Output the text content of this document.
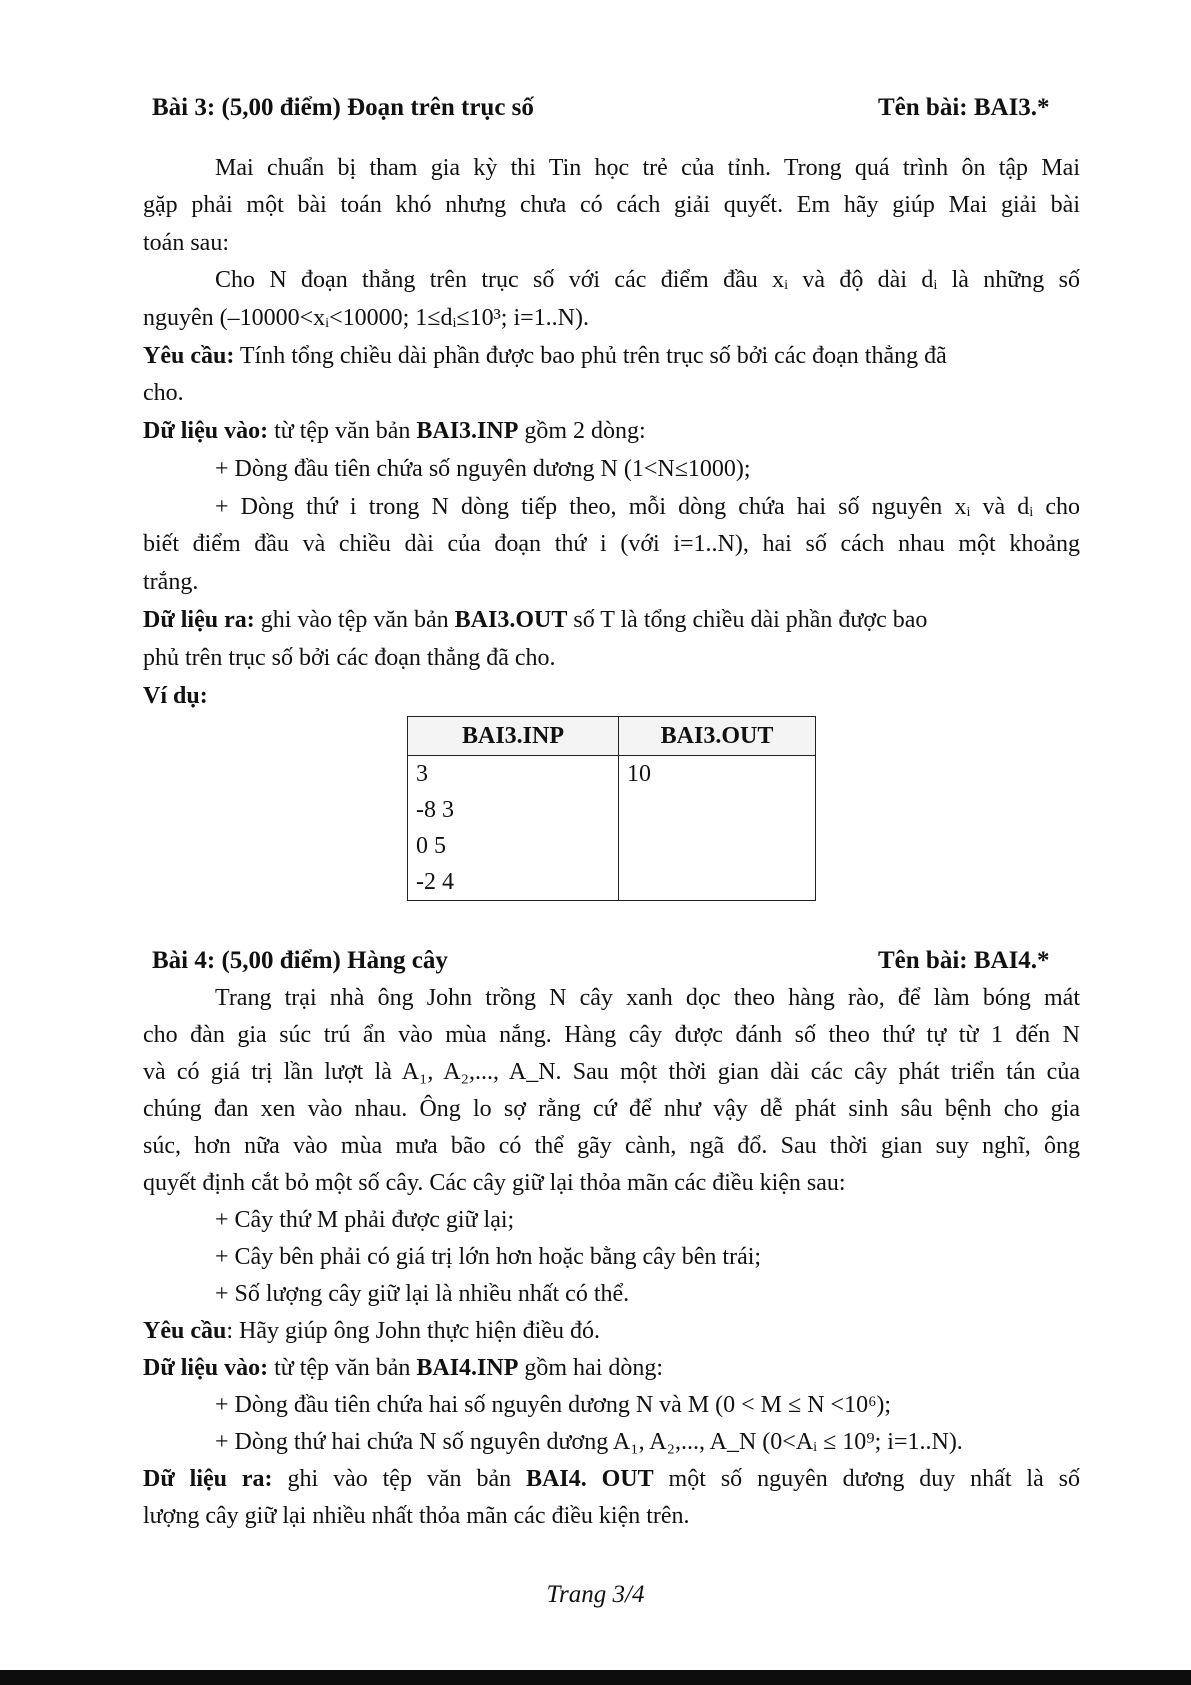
Bài 3: (5,00 điểm) Đoạn trên trục số	Tên bài: BAI3.*
Mai chuẩn bị tham gia kỳ thi Tin học trẻ của tỉnh. Trong quá trình ôn tập Mai
gặp phải một bài toán khó nhưng chưa có cách giải quyết. Em hãy giúp Mai giải bài
toán sau:
Cho N đoạn thẳng trên trục số với các điểm đầu xᵢ và độ dài dᵢ là những số
nguyên (–10000<xᵢ<10000; 1≤dᵢ≤10³; i=1..N).
Yêu cầu: Tính tổng chiều dài phần được bao phủ trên trục số bởi các đoạn thẳng đã
cho.
Dữ liệu vào: từ tệp văn bản BAI3.INP gồm 2 dòng:
+ Dòng đầu tiên chứa số nguyên dương N (1<N≤1000);
+ Dòng thứ i trong N dòng tiếp theo, mỗi dòng chứa hai số nguyên xᵢ và dᵢ cho
biết điểm đầu và chiều dài của đoạn thứ i (với i=1..N), hai số cách nhau một khoảng
trắng.
Dữ liệu ra: ghi vào tệp văn bản BAI3.OUT số T là tổng chiều dài phần được bao
phủ trên trục số bởi các đoạn thẳng đã cho.
Ví dụ:
BAI3.INP	BAI3.OUT
3	10
-8 3	
0 5	
-2 4	
Bài 4: (5,00 điểm) Hàng cây	Tên bài: BAI4.*
Trang trại nhà ông John trồng N cây xanh dọc theo hàng rào, để làm bóng mát
cho đàn gia súc trú ẩn vào mùa nắng. Hàng cây được đánh số theo thứ tự từ 1 đến N
và có giá trị lần lượt là A₁, A₂,..., A_N. Sau một thời gian dài các cây phát triển tán của
chúng đan xen vào nhau. Ông lo sợ rằng cứ để như vậy dễ phát sinh sâu bệnh cho gia
súc, hơn nữa vào mùa mưa bão có thể gãy cành, ngã đổ. Sau thời gian suy nghĩ, ông
quyết định cắt bỏ một số cây. Các cây giữ lại thỏa mãn các điều kiện sau:
+ Cây thứ M phải được giữ lại;
+ Cây bên phải có giá trị lớn hơn hoặc bằng cây bên trái;
+ Số lượng cây giữ lại là nhiều nhất có thể.
Yêu cầu: Hãy giúp ông John thực hiện điều đó.
Dữ liệu vào: từ tệp văn bản BAI4.INP gồm hai dòng:
+ Dòng đầu tiên chứa hai số nguyên dương N và M (0 < M ≤ N <10⁶);
+ Dòng thứ hai chứa N số nguyên dương A₁, A₂,..., A_N (0<Aᵢ ≤ 10⁹; i=1..N).
Dữ liệu ra: ghi vào tệp văn bản BAI4. OUT một số nguyên dương duy nhất là số
lượng cây giữ lại nhiều nhất thỏa mãn các điều kiện trên.
Trang 3/4
